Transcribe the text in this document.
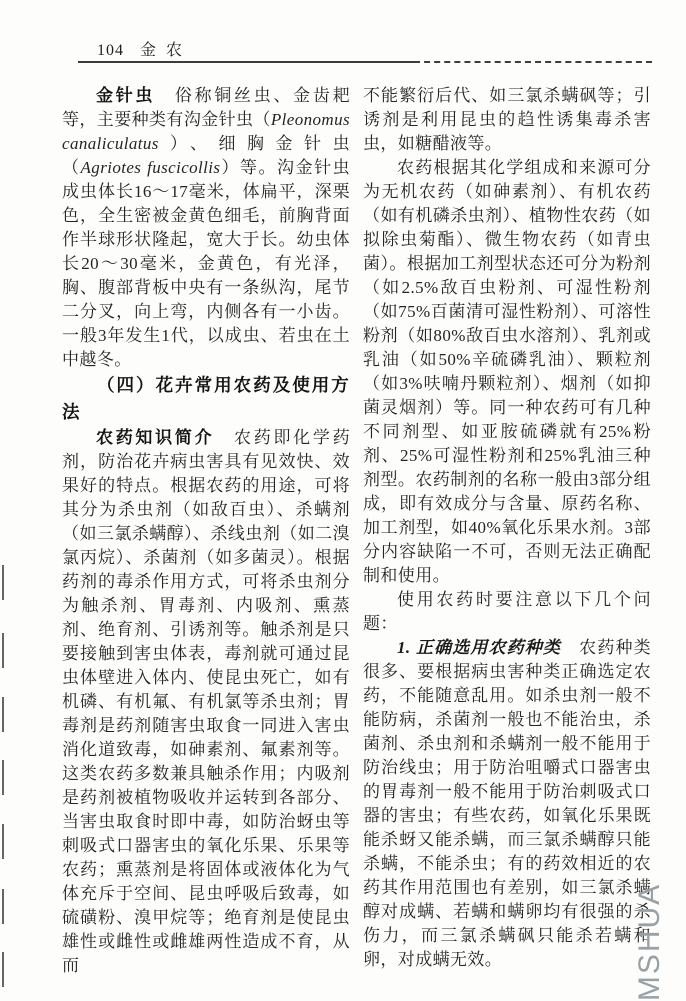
104 金农

金针虫　俗称铜丝虫、金齿耙等，主要种类有沟金针虫（Pleonomus canaliculatus）、细胸金针虫（Agriotes fuscicollis）等。沟金针虫成虫体长16～17毫米，体扁平，深栗色，全生密被金黄色细毛，前胸背面作半球形状隆起，宽大于长。幼虫体长20～30毫米，金黄色，有光泽，胸、腹部背板中央有一条纵沟，尾节二分叉，向上弯，内侧各有一小齿。一般3年发生1代，以成虫、若虫在土中越冬。

（四）花卉常用农药及使用方法

农药知识简介　农药即化学药剂，防治花卉病虫害具有见效快、效果好的特点。根据农药的用途，可将其分为杀虫剂（如敌百虫）、杀螨剂（如三氯杀螨醇）、杀线虫剂（如二溴氯丙烷）、杀菌剂（如多菌灵）。根据药剂的毒杀作用方式，可将杀虫剂分为触杀剂、胃毒剂、内吸剂、熏蒸剂、绝育剂、引诱剂等。触杀剂是只要接触到害虫体表，毒剂就可通过昆虫体壁进入体内、使昆虫死亡，如有机磷、有机氟、有机氯等杀虫剂；胃毒剂是药剂随害虫取食一同进入害虫消化道致毒，如砷素剂、氟素剂等。这类农药多数兼具触杀作用；内吸剂是药剂被植物吸收并运转到各部分、当害虫取食时即中毒，如防治蚜虫等刺吸式口器害虫的氧化乐果、乐果等农药；熏蒸剂是将固体或液体化为气体充斥于空间、昆虫呼吸后致毒，如硫磺粉、溴甲烷等；绝育剂是使昆虫雄性或雌性或雌雄两性造成不育，从而

不能繁衍后代、如三氯杀螨砜等；引诱剂是利用昆虫的趋性诱集毒杀害虫，如糖醋液等。

农药根据其化学组成和来源可分为无机农药（如砷素剂）、有机农药（如有机磷杀虫剂）、植物性农药（如拟除虫菊酯）、微生物农药（如青虫菌）。根据加工剂型状态还可分为粉剂（如2.5%敌百虫粉剂、可湿性粉剂（如75%百菌清可湿性粉剂）、可溶性粉剂（如80%敌百虫水溶剂）、乳剂或乳油（如50%辛硫磷乳油）、颗粒剂（如3%呋喃丹颗粒剂）、烟剂（如抑菌灵烟剂）等。同一种农药可有几种不同剂型、如亚胺硫磷就有25%粉剂、25%可湿性粉剂和25%乳油三种剂型。农药制剂的名称一般由3部分组成，即有效成分与含量、原药名称、加工剂型，如40%氧化乐果水剂。3部分内容缺陷一不可，否则无法正确配制和使用。

使用农药时要注意以下几个问题：

1. 正确选用农药种类　农药种类很多、要根据病虫害种类正确选定农药，不能随意乱用。如杀虫剂一般不能防病，杀菌剂一般也不能治虫，杀菌剂、杀虫剂和杀螨剂一般不能用于防治线虫；用于防治咀嚼式口器害虫的胃毒剂一般不能用于防治刺吸式口器的害虫；有些农药，如氧化乐果既能杀蚜又能杀螨，而三氯杀螨醇只能杀螨，不能杀虫；有的药效相近的农药其作用范围也有差别，如三氯杀螨醇对成螨、若螨和螨卵均有很强的杀伤力，而三氯杀螨砜只能杀若螨和卵，对成螨无效。	MSHUA
